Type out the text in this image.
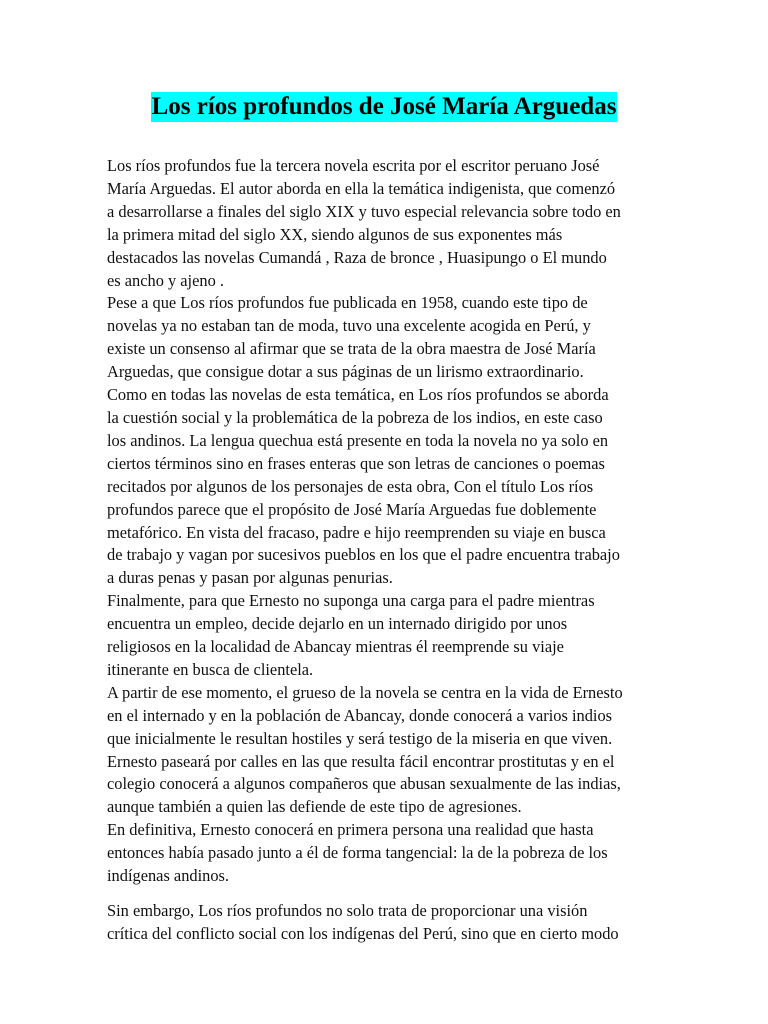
Los ríos profundos de José María Arguedas
Los ríos profundos fue la tercera novela escrita por el escritor peruano José
María Arguedas. El autor aborda en ella la temática indigenista, que comenzó
a desarrollarse a finales del siglo XIX y tuvo especial relevancia sobre todo en
la primera mitad del siglo XX, siendo algunos de sus exponentes más
destacados las novelas Cumandá , Raza de bronce , Huasipungo o El mundo
es ancho y ajeno .
Pese a que Los ríos profundos fue publicada en 1958, cuando este tipo de
novelas ya no estaban tan de moda, tuvo una excelente acogida en Perú, y
existe un consenso al afirmar que se trata de la obra maestra de José María
Arguedas, que consigue dotar a sus páginas de un lirismo extraordinario.
Como en todas las novelas de esta temática, en Los ríos profundos se aborda
la cuestión social y la problemática de la pobreza de los indios, en este caso
los andinos. La lengua quechua está presente en toda la novela no ya solo en
ciertos términos sino en frases enteras que son letras de canciones o poemas
recitados por algunos de los personajes de esta obra, Con el título Los ríos
profundos parece que el propósito de José María Arguedas fue doblemente
metafórico. En vista del fracaso, padre e hijo reemprenden su viaje en busca
de trabajo y vagan por sucesivos pueblos en los que el padre encuentra trabajo
a duras penas y pasan por algunas penurias.
Finalmente, para que Ernesto no suponga una carga para el padre mientras
encuentra un empleo, decide dejarlo en un internado dirigido por unos
religiosos en la localidad de Abancay mientras él reemprende su viaje
itinerante en busca de clientela.
A partir de ese momento, el grueso de la novela se centra en la vida de Ernesto
en el internado y en la población de Abancay, donde conocerá a varios indios
que inicialmente le resultan hostiles y será testigo de la miseria en que viven.
Ernesto paseará por calles en las que resulta fácil encontrar prostitutas y en el
colegio conocerá a algunos compañeros que abusan sexualmente de las indias,
aunque también a quien las defiende de este tipo de agresiones.
En definitiva, Ernesto conocerá en primera persona una realidad que hasta
entonces había pasado junto a él de forma tangencial: la de la pobreza de los
indígenas andinos.
Sin embargo, Los ríos profundos no solo trata de proporcionar una visión
crítica del conflicto social con los indígenas del Perú, sino que en cierto modo
